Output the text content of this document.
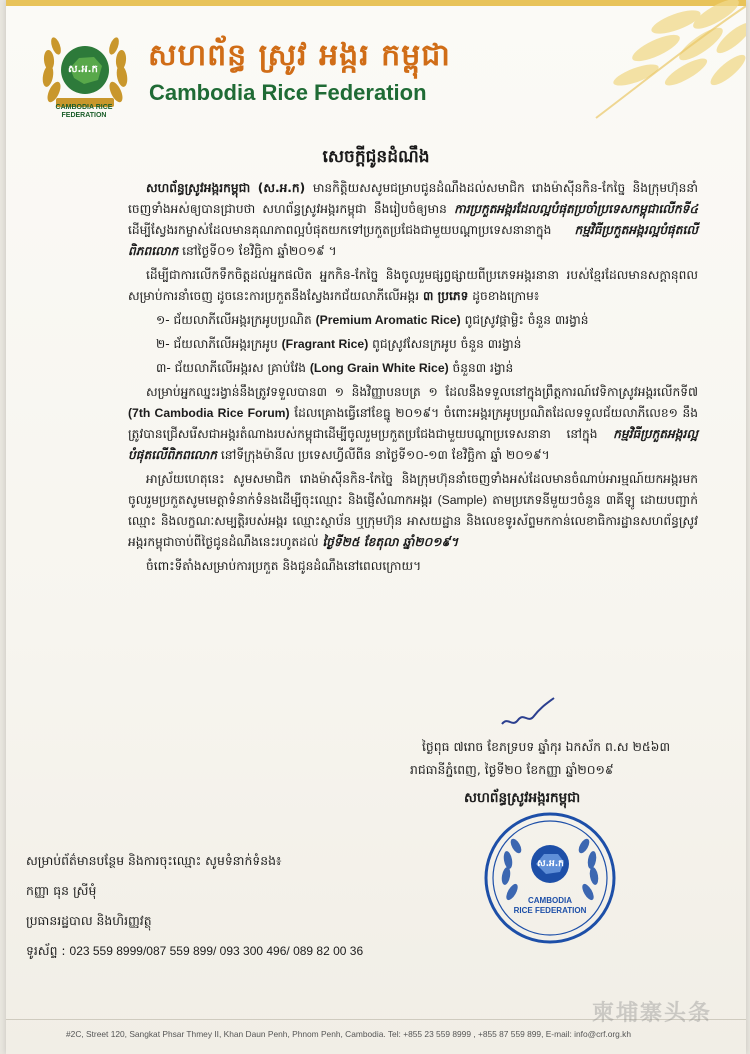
ស.អ.ក
CAMBODIA RICE FEDERATION
សហព័ន្ធ ស្រូវ អង្ករ កម្ពុជា
Cambodia Rice Federation
សេចក្តីជូនដំណឹង

សហព័ន្ធស្រូវអង្ករកម្ពុជា (ស.អ.ក) មានកិត្តិយសសូមជម្រាបជូនដំណឹងដល់សមាជិក រោងម៉ាស៊ីនកិន-កែច្នៃ និងក្រុមហ៊ុននាំចេញទាំងអស់ឲ្យបានជ្រាបថា សហព័ន្ធស្រូវអង្ករកម្ពុជា នឹងរៀបចំឲ្យមាន ការប្រកួតអង្ករដែលល្អបំផុតប្រចាំប្រទេសកម្ពុជាលើកទី៤ ដើម្បីស្វែងរកម្ចាស់ដែលមានគុណភាពល្អបំផុតយកទៅប្រកួតប្រជែងជាមួយបណ្តាប្រទេសនានាក្នុង កម្មវិធីប្រកួតអង្ករល្អបំផុតលើពិភពលោក នៅថ្ងៃទី០១ ខែវិច្ឆិកា ឆ្នាំ២០១៩ ។

ដើម្បីជាការលើកទឹកចិត្តដល់អ្នកផលិត អ្នកកិន-កែច្នៃ និងចូលរួមផ្សព្វផ្សាយពីប្រភេទអង្ករនានា របស់ខ្មែរដែលមានសក្តានុពលសម្រាប់ការនាំចេញ ដូចនេះការប្រកួតនឹងស្វែងរកជ័យលាភីលើអង្ករ ៣ ប្រភេទ ដូចខាងក្រោម៖

១- ជ័យលាភីលើអង្ករក្រអូបប្រណិត (Premium Aromatic Rice) ពូជស្រូវផ្កាម្លិះ ចំនួន ៣រង្វាន់
២- ជ័យលាភីលើអង្ករក្រអូប (Fragrant Rice) ពូជស្រូវសែនក្រអូប ចំនួន ៣រង្វាន់
៣- ជ័យលាភីលើអង្ករស គ្រាប់វែង (Long Grain White Rice) ចំនួន៣ រង្វាន់

សម្រាប់អ្នកឈ្នះរង្វាន់នឹងត្រូវទទួលបាន៣ ១ និងវិញ្ញាបនបត្រ ១ ដែលនឹងទទួលនៅក្នុងព្រឹត្តការណ៍វេទិកាស្រូវអង្ករលើកទី៧ (7th Cambodia Rice Forum) ដែលគ្រោងធ្វើនៅខែធ្នូ ២០១៩។ ចំពោះអង្ករក្រអូបប្រណិតដែលទទួលជ័យលាភីលេខ១ នឹងត្រូវបានជ្រើសរើសជាអង្ករតំណាងរបស់កម្ពុជាដើម្បីចូលរួមប្រកួតប្រជែងជាមួយបណ្តាប្រទេសនានា នៅក្នុង កម្មវិធីប្រកួតអង្ករល្អបំផុតលើពិភពលោក នៅទីក្រុងម៉ានីល ប្រទេសហ្វីលីពីន នាថ្ងៃទី១០-១៣ ខែវិច្ឆិកា ឆ្នាំ ២០១៩។

អាស្រ័យហេតុនេះ សូមសមាជិក រោងម៉ាស៊ីនកិន-កែច្នៃ និងក្រុមហ៊ុននាំចេញទាំងអស់ដែលមានចំណាប់អារម្មណ៍យកអង្ករមកចូលរួមប្រកួតសូមមេត្តាទំនាក់ទំនងដើម្បីចុះឈ្មោះ និងផ្ញើសំណាកអង្ករ (Sample) តាមប្រភេទនីមួយៗចំនួន ៣គីឡូ ដោយបញ្ជាក់ឈ្មោះ និងលក្ខណៈសម្បត្តិរបស់អង្ករ ឈ្មោះស្ថាប័ន ឬក្រុមហ៊ុន អាសយដ្ឋាន និងលេខទូរស័ព្ទមកកាន់លេខាធិការដ្ឋានសហព័ន្ធស្រូវអង្ករកម្ពុជាចាប់ពីថ្ងៃជូនដំណឹងនេះរហូតដល់ ថ្ងៃទី២៥ ខែតុលា ឆ្នាំ២០១៩។

ចំពោះទីតាំងសម្រាប់ការប្រកួត និងជូនដំណឹងនៅពេលក្រោយ។

ថ្ងៃពុធ ៧រោច ខែភទ្របទ ឆ្នាំកុរ ឯកស័ក ព.ស ២៥៦៣
រាជធានីភ្នំពេញ, ថ្ងៃទី២០ ខែកញ្ញា ឆ្នាំ២០១៩
សហព័ន្ធស្រូវអង្ករកម្ពុជា
ស.អ.ក
CAMBODIA
RICE FEDERATION
សម្រាប់ព័ត៌មានបន្ថែម និងការចុះឈ្មោះ សូមទំនាក់ទំនង៖
កញ្ញា ធុន ស្រីមុំ
ប្រធានរដ្ឋបាល និងហិរញ្ញវត្ថុ
ទូរស័ព្ទ : 023 559 8999/087 559 899/ 093 300 496/ 089 82 00 36
#2C, Street 120, Sangkat Phsar Thmey II, Khan Daun Penh, Phnom Penh, Cambodia. Tel: +855 23 559 8999 , +855 87 559 899, E-mail: info@crf.org.kh
柬埔寨头条
